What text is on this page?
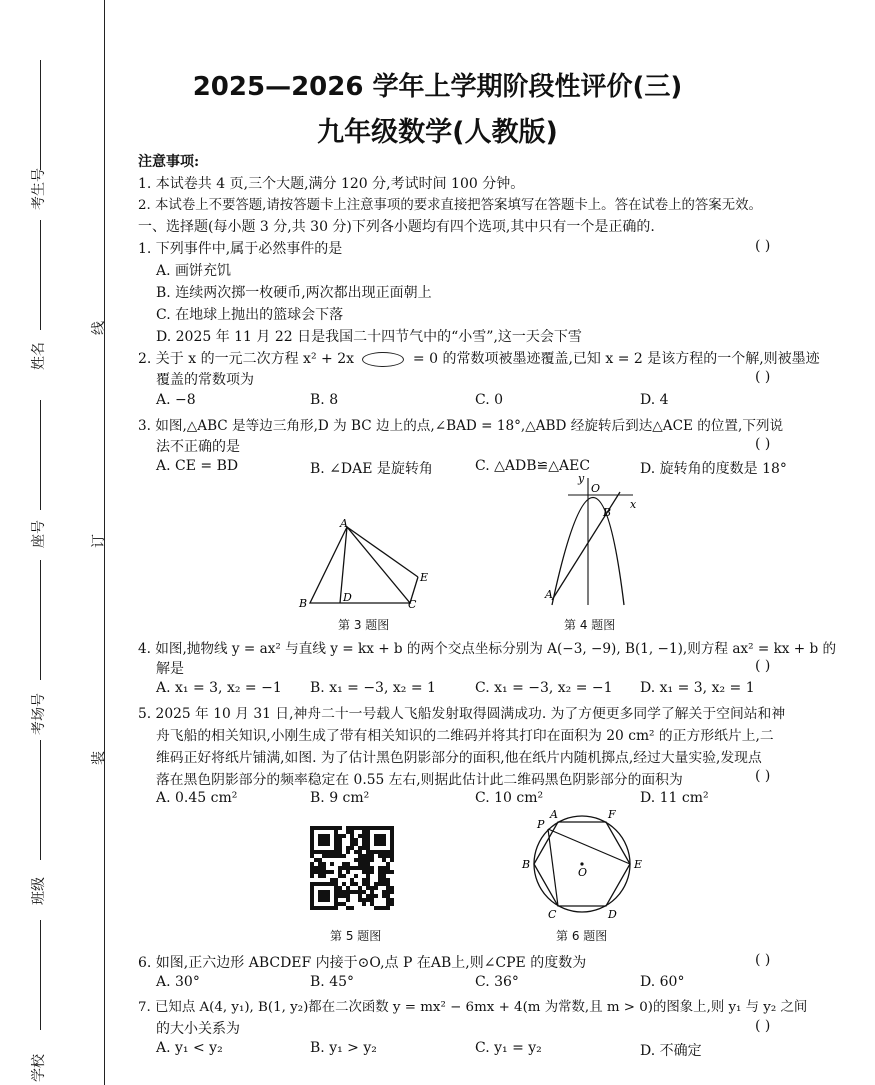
考生号
姓名
座号
考场号
班级
学校
线
订
装
2025—2026 学年上学期阶段性评价(三)
九年级数学(人教版)
注意事项:
1. 本试卷共 4 页,三个大题,满分 120 分,考试时间 100 分钟。
2. 本试卷上不要答题,请按答题卡上注意事项的要求直接把答案填写在答题卡上。答在试卷上的答案无效。
一、选择题(每小题 3 分,共 30 分)下列各小题均有四个选项,其中只有一个是正确的.
1. 下列事件中,属于必然事件的是	( )
A. 画饼充饥
B. 连续两次掷一枚硬币,两次都出现正面朝上
C. 在地球上抛出的篮球会下落
D. 2025 年 11 月 22 日是我国二十四节气中的“小雪”,这一天会下雪
2. 关于 x 的一元二次方程 x² + 2x	= 0 的常数项被墨迹覆盖,已知 x = 2 是该方程的一个解,则被墨迹
覆盖的常数项为	( )
A. −8	B. 8	C. 0	D. 4
3. 如图,△ABC 是等边三角形,D 为 BC 边上的点,∠BAD = 18°,△ABD 经旋转后到达△ACE 的位置,下列说
法不正确的是	( )
A. CE = BD	B. ∠DAE 是旋转角	C. △ADB≌△AEC	D. 旋转角的度数是 18°
A
B	C
D
E
第 3 题图
y
x
O
B
A
第 4 题图
4. 如图,抛物线 y = ax² 与直线 y = kx + b 的两个交点坐标分别为 A(−3, −9), B(1, −1),则方程 ax² = kx + b 的
解是	( )
A. x₁ = 3, x₂ = −1 B. x₁ = −3, x₂ = 1	C. x₁ = −3, x₂ = −1 D. x₁ = 3, x₂ = 1
5. 2025 年 10 月 31 日,神舟二十一号载人飞船发射取得圆满成功. 为了方便更多同学了解关于空间站和神
舟飞船的相关知识,小刚生成了带有相关知识的二维码并将其打印在面积为 20 cm² 的正方形纸片上,二
维码正好将纸片铺满,如图. 为了估计黑色阴影部分的面积,他在纸片内随机掷点,经过大量实验,发现点
落在黑色阴影部分的频率稳定在 0.55 左右,则据此估计此二维码黑色阴影部分的面积为	( )
A. 0.45 cm²	B. 9 cm²	C. 10 cm²	D. 11 cm²
第 5 题图
P
A	F
B	E
C	D
O
第 6 题图
6. 如图,正六边形 ABCDEF 内接于⊙O,点 P 在AB上,则∠CPE 的度数为	( )
A. 30°	B. 45°	C. 36°	D. 60°
7. 已知点 A(4, y₁), B(1, y₂)都在二次函数 y = mx² − 6mx + 4(m 为常数,且 m > 0)的图象上,则 y₁ 与 y₂ 之间
的大小关系为	( )
A. y₁ < y₂	B. y₁ > y₂	C. y₁ = y₂	D. 不确定
